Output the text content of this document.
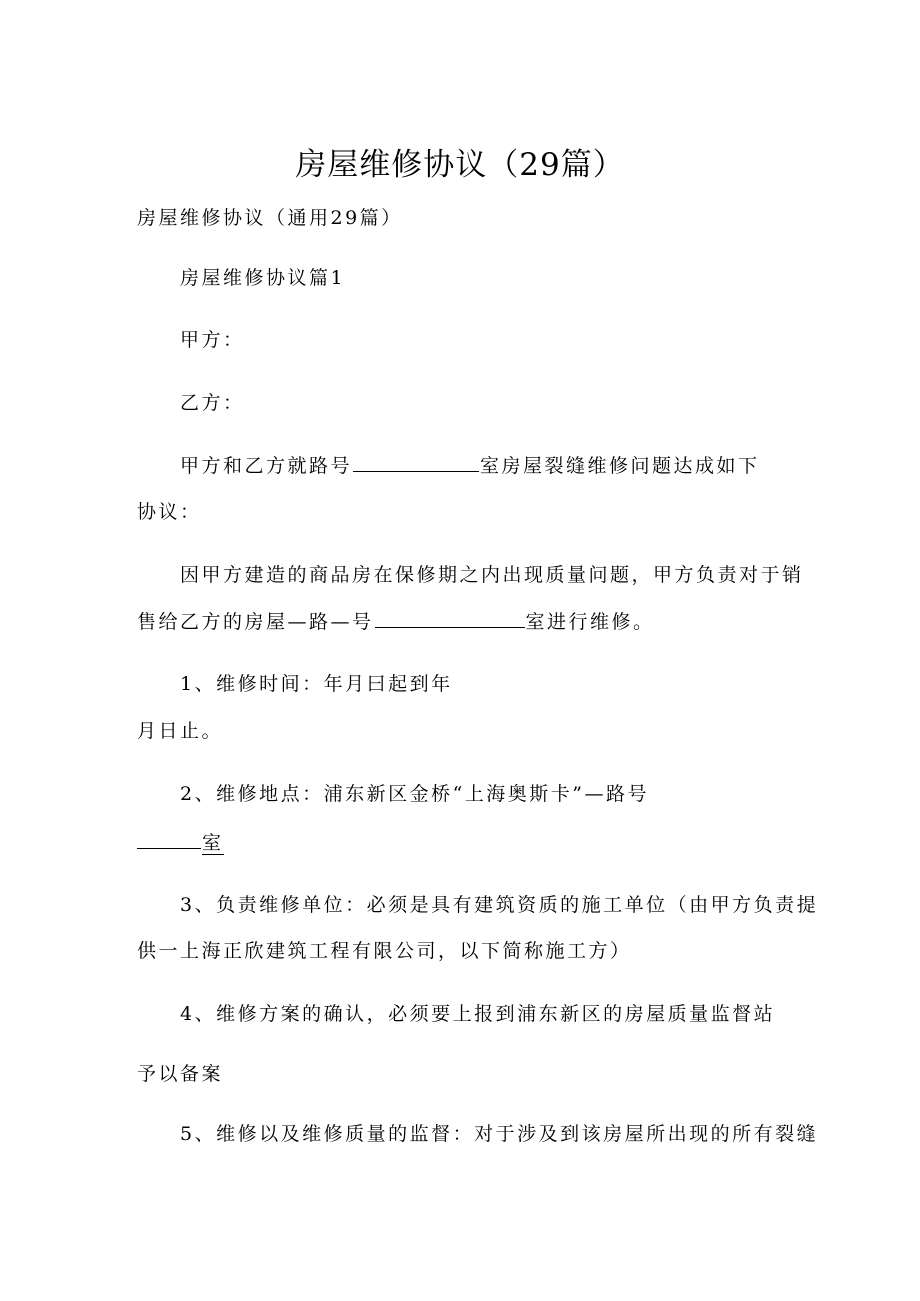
房屋维修协议（29篇）
房屋维修协议（通用29篇）
房屋维修协议篇1
甲方：
乙方：
甲方和乙方就路号	室房屋裂缝维修问题达成如下
协议：
因甲方建造的商品房在保修期之内出现质量问题，甲方负责对于销
售给乙方的房屋—路—号	室进行维修。
1、维修时间：年月曰起到年
月日止。
2、维修地点：浦东新区金桥“上海奥斯卡”—路号
室
3、负责维修单位：必须是具有建筑资质的施工单位（由甲方负责提
供一上海正欣建筑工程有限公司，以下简称施工方）
4、维修方案的确认，必须要上报到浦东新区的房屋质量监督站
予以备案
5、维修以及维修质量的监督：对于涉及到该房屋所出现的所有裂缝
